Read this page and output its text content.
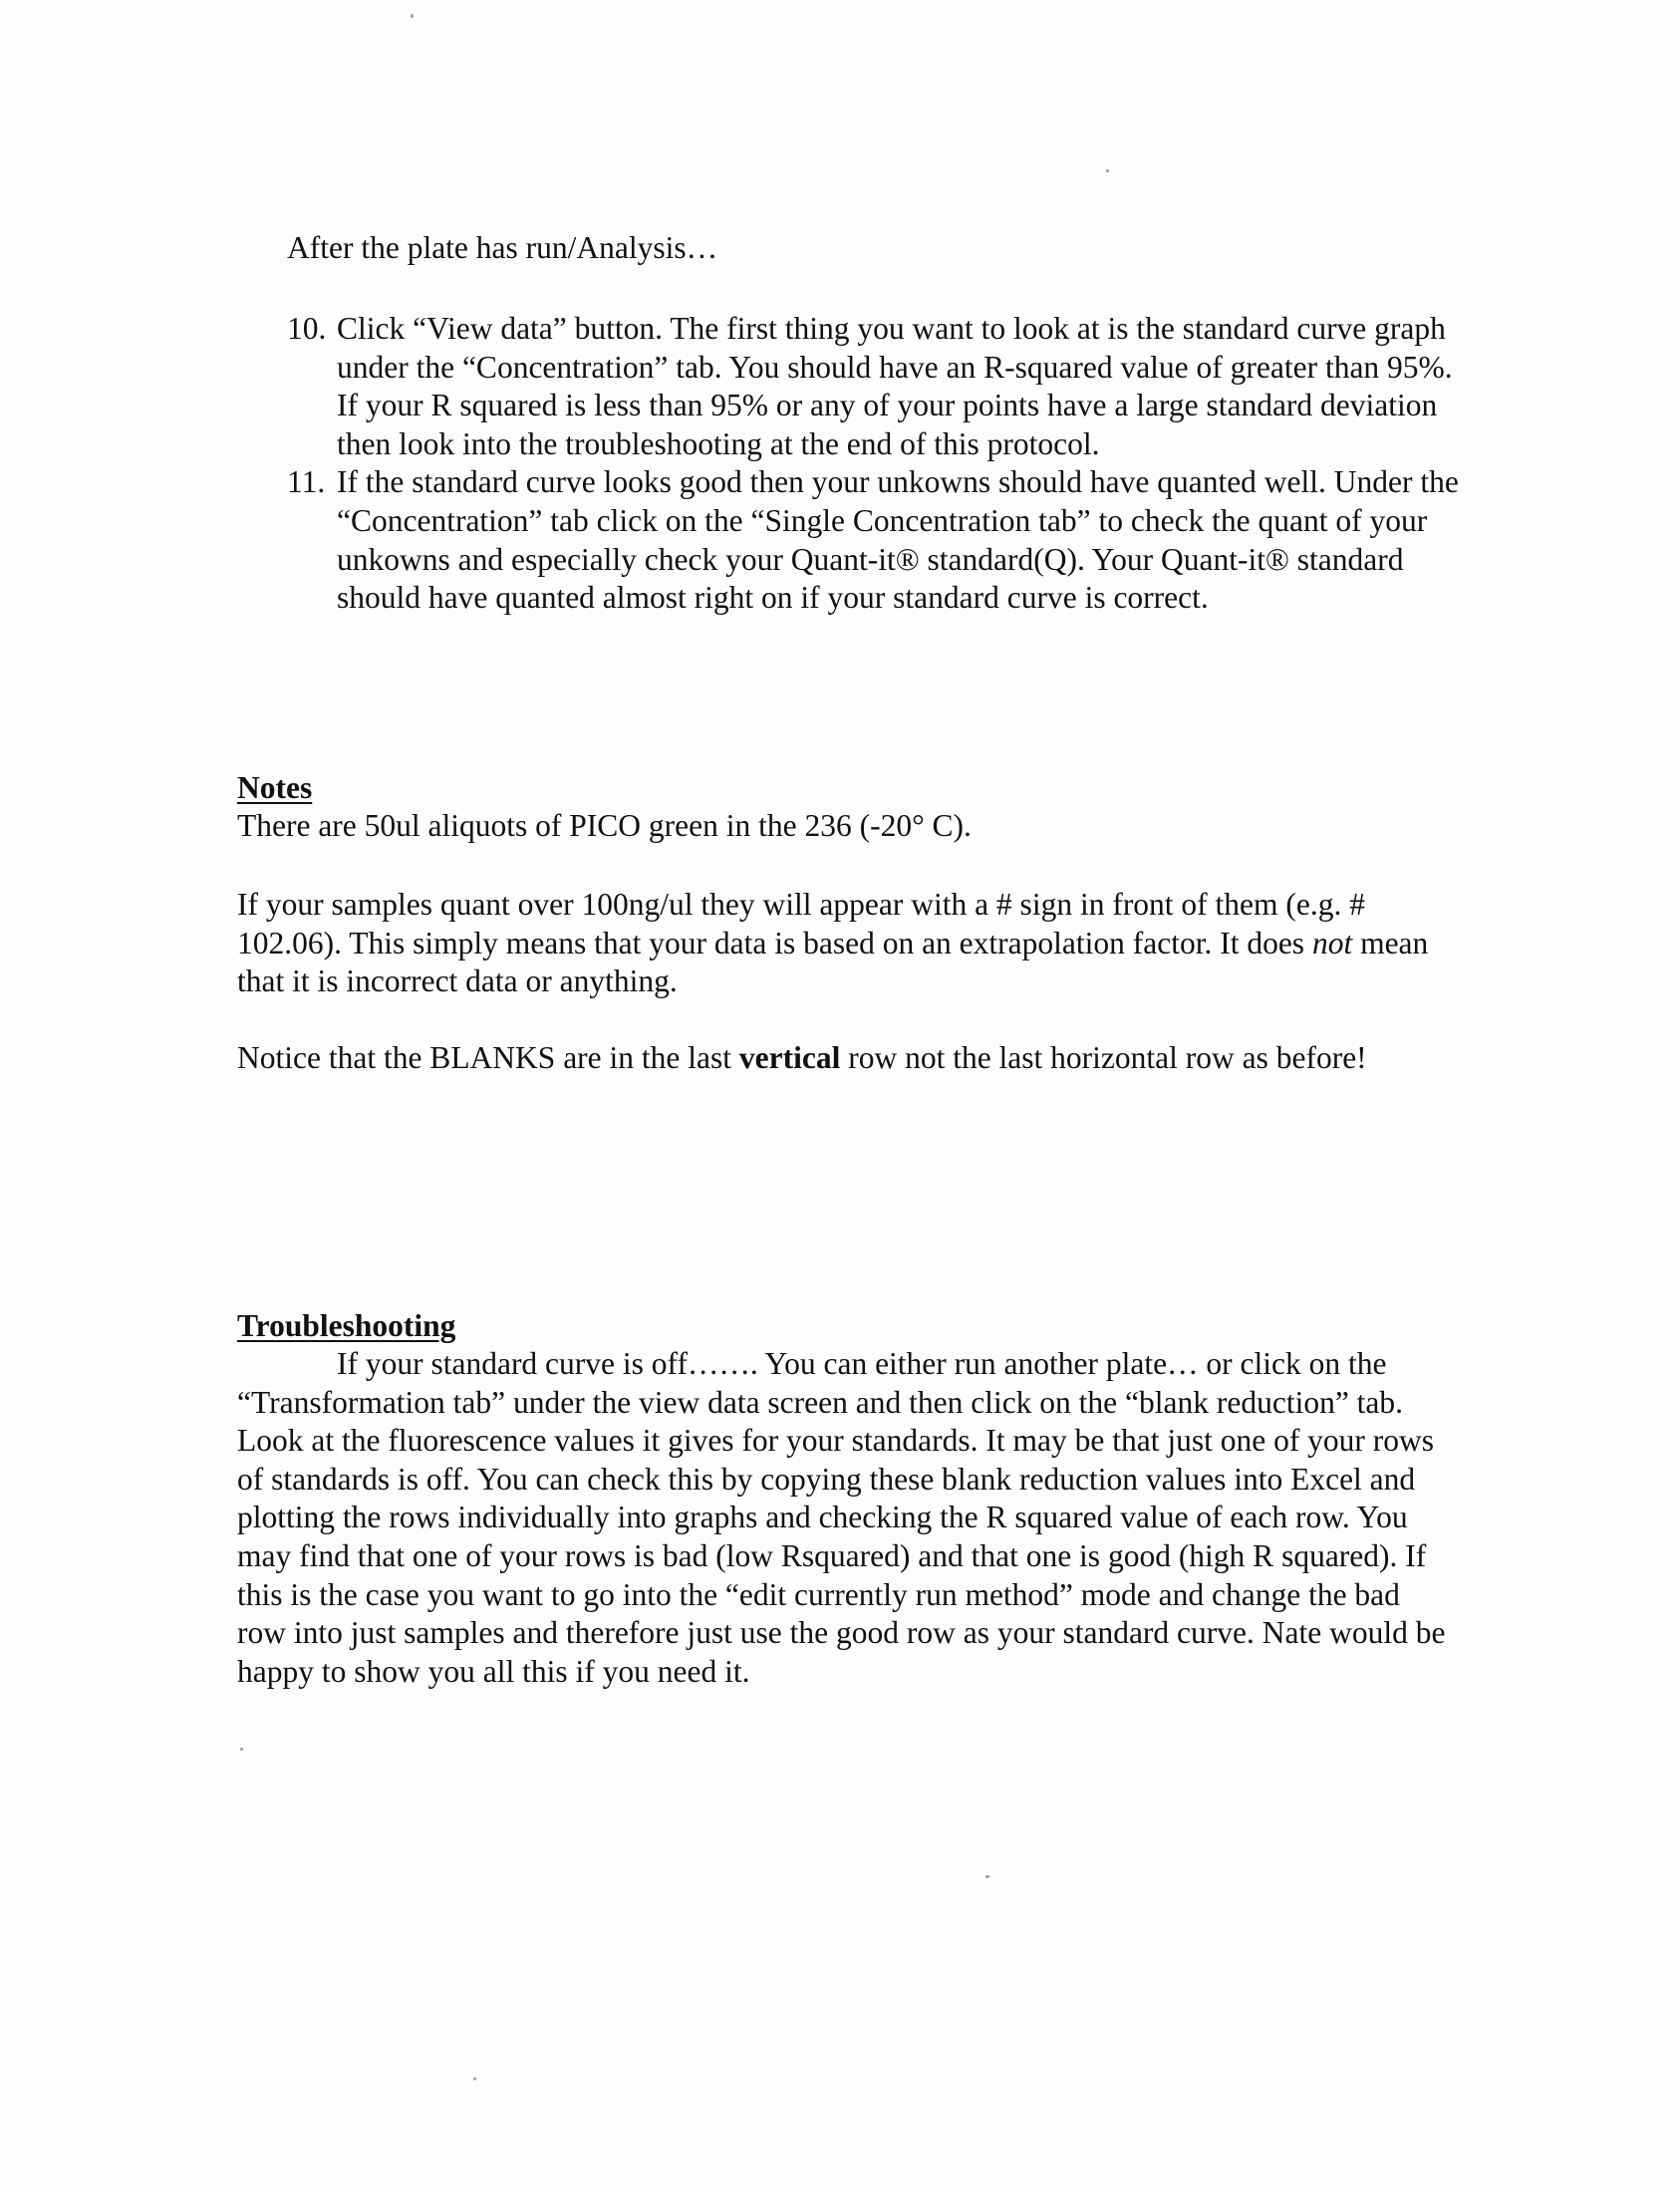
After the plate has run/Analysis…
10. Click “View data” button. The first thing you want to look at is the standard curve graph under the “Concentration” tab. You should have an R-squared value of greater than 95%. If your R squared is less than 95% or any of your points have a large standard deviation then look into the troubleshooting at the end of this protocol.
11. If the standard curve looks good then your unkowns should have quanted well. Under the “Concentration” tab click on the “Single Concentration tab” to check the quant of your unkowns and especially check your Quant-it® standard(Q). Your Quant-it® standard should have quanted almost right on if your standard curve is correct.
Notes

There are 50ul aliquots of PICO green in the 236 (-20° C).

If your samples quant over 100ng/ul they will appear with a # sign in front of them (e.g. # 102.06). This simply means that your data is based on an extrapolation factor. It does not mean that it is incorrect data or anything.

Notice that the BLANKS are in the last vertical row not the last horizontal row as before!

Troubleshooting

If your standard curve is off……. You can either run another plate… or click on the “Transformation tab” under the view data screen and then click on the “blank reduction” tab. Look at the fluorescence values it gives for your standards. It may be that just one of your rows of standards is off. You can check this by copying these blank reduction values into Excel and plotting the rows individually into graphs and checking the R squared value of each row. You may find that one of your rows is bad (low Rsquared) and that one is good (high R squared). If this is the case you want to go into the “edit currently run method” mode and change the bad row into just samples and therefore just use the good row as your standard curve. Nate would be happy to show you all this if you need it.
